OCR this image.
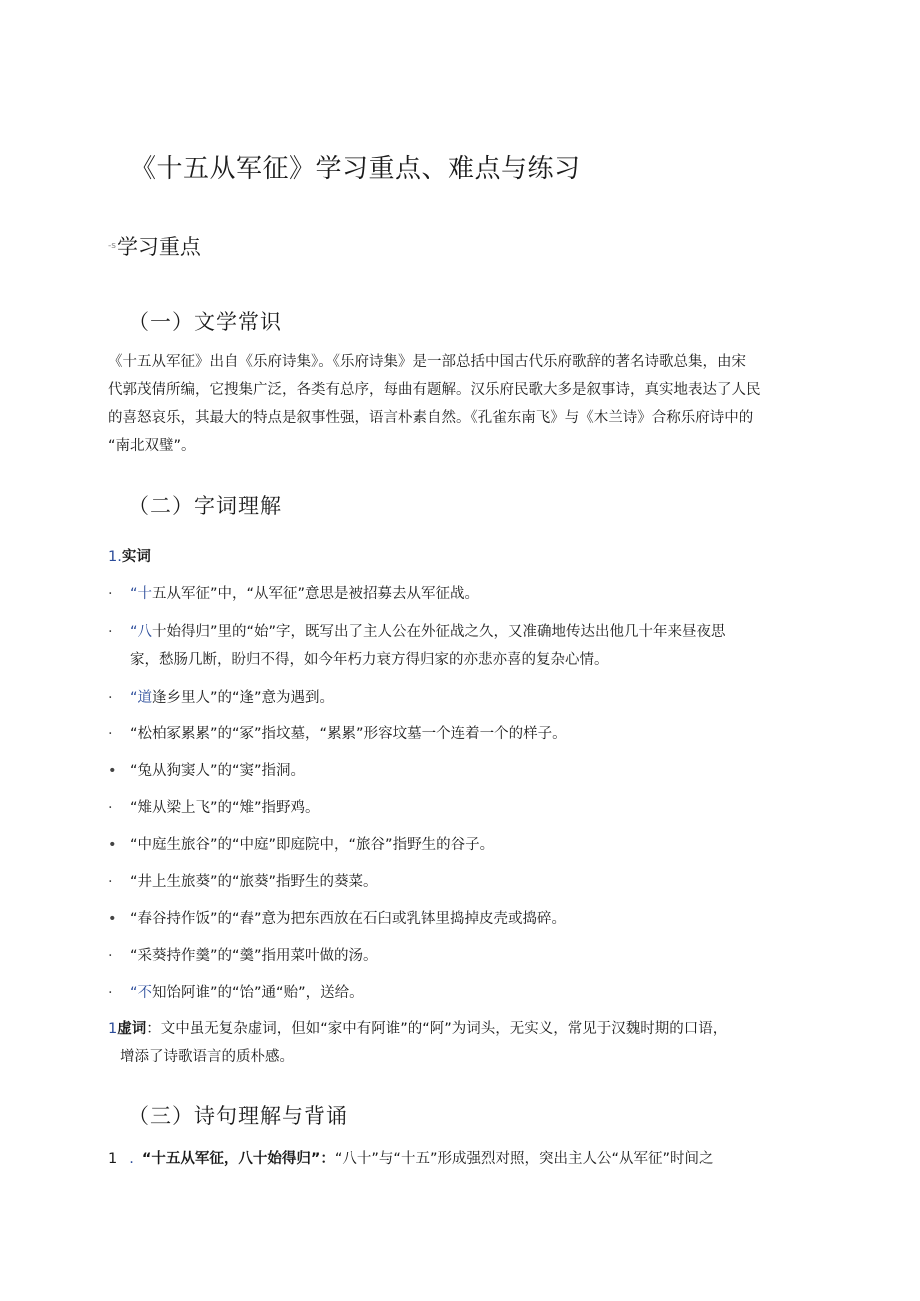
《十五从军征》学习重点、难点与练习
$^{-s}$学习重点
（一）文学常识
《十五从军征》出自《乐府诗集》。《乐府诗集》是一部总括中国古代乐府歌辞的著名诗歌总集，由宋
代郭茂倩所编，它搜集广泛，各类有总序，每曲有题解。汉乐府民歌大多是叙事诗，真实地表达了人民
的喜怒哀乐，其最大的特点是叙事性强，语言朴素自然。《孔雀东南飞》与《木兰诗》合称乐府诗中的
“南北双璧”。
（二）字词理解
1.实词
· “十五从军征”中，“从军征”意思是被招募去从军征战。
· “八十始得归”里的“始”字，既写出了主人公在外征战之久，又准确地传达出他几十年来昼夜思
家，愁肠几断，盼归不得，如今年朽力衰方得归家的亦悲亦喜的复杂心情。
· “道逢乡里人”的“逢”意为遇到。
· “松柏冢累累”的“冢”指坟墓，“累累”形容坟墓一个连着一个的样子。
• “兔从狗窦人”的“窦”指洞。
· “雉从梁上飞”的“雉”指野鸡。
• “中庭生旅谷”的“中庭”即庭院中，“旅谷”指野生的谷子。
· “井上生旅葵”的“旅葵”指野生的葵菜。
• “春谷持作饭”的“舂”意为把东西放在石臼或乳钵里捣掉皮壳或捣碎。
· “采葵持作羹”的“羹”指用菜叶做的汤。
· “不知饴阿谁”的“饴”通“贻”，送给。
1虚词：文中虽无复杂虚词，但如“家中有阿谁”的“阿”为词头，无实义，常见于汉魏时期的口语，
增添了诗歌语言的质朴感。
（三）诗句理解与背诵
1 . “十五从军征，八十始得归”：“八十”与“十五”形成强烈对照，突出主人公“从军征”时间之
